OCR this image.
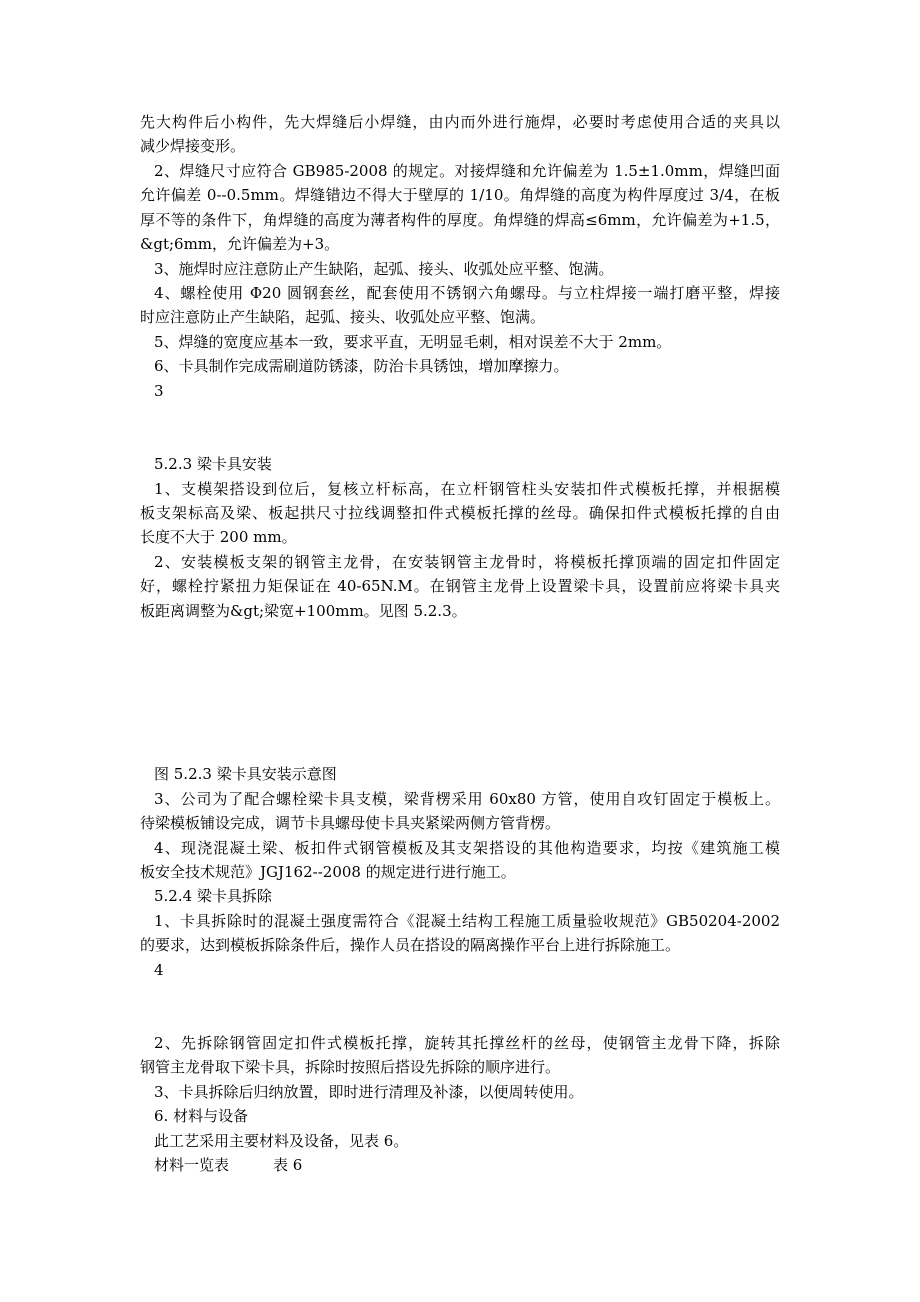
先大构件后小构件，先大焊缝后小焊缝，由内而外进行施焊，必要时考虑使用合适的夹具以
减少焊接变形。
2、焊缝尺寸应符合 GB985-2008 的规定。对接焊缝和允许偏差为 1.5±1.0mm，焊缝凹面
允许偏差 0--0.5mm。焊缝错边不得大于壁厚的 1/10。角焊缝的高度为构件厚度过 3/4，在板
厚不等的条件下，角焊缝的高度为薄者构件的厚度。角焊缝的焊高≤6mm，允许偏差为+1.5，
&gt;6mm，允许偏差为+3。
3、施焊时应注意防止产生缺陷，起弧、接头、收弧处应平整、饱满。
4、螺栓使用 Φ20 圆钢套丝，配套使用不锈钢六角螺母。与立柱焊接一端打磨平整，焊接
时应注意防止产生缺陷，起弧、接头、收弧处应平整、饱满。
5、焊缝的宽度应基本一致，要求平直，无明显毛刺，相对误差不大于 2mm。
6、卡具制作完成需刷道防锈漆，防治卡具锈蚀，增加摩擦力。
3
5.2.3 梁卡具安装
1、支模架搭设到位后，复核立杆标高，在立杆钢管柱头安装扣件式模板托撑，并根据模
板支架标高及梁、板起拱尺寸拉线调整扣件式模板托撑的丝母。确保扣件式模板托撑的自由
长度不大于 200 mm。
2、安装模板支架的钢管主龙骨，在安装钢管主龙骨时，将模板托撑顶端的固定扣件固定
好，螺栓拧紧扭力矩保证在 40-65N.M。在钢管主龙骨上设置梁卡具，设置前应将梁卡具夹
板距离调整为&gt;梁宽+100mm。见图 5.2.3。
图 5.2.3 梁卡具安装示意图
3、公司为了配合螺栓梁卡具支模，梁背楞采用 60x80 方管，使用自攻钉固定于模板上。
待梁模板铺设完成，调节卡具螺母使卡具夹紧梁两侧方管背楞。
4、现浇混凝土梁、板扣件式钢管模板及其支架搭设的其他构造要求，均按《建筑施工模
板安全技术规范》JGJ162--2008 的规定进行进行施工。
5.2.4 梁卡具拆除
1、卡具拆除时的混凝土强度需符合《混凝土结构工程施工质量验收规范》GB50204-2002
的要求，达到模板拆除条件后，操作人员在搭设的隔离操作平台上进行拆除施工。
4
2、先拆除钢管固定扣件式模板托撑，旋转其托撑丝杆的丝母，使钢管主龙骨下降，拆除
钢管主龙骨取下梁卡具，拆除时按照后搭设先拆除的顺序进行。
3、卡具拆除后归纳放置，即时进行清理及补漆，以便周转使用。
6. 材料与设备
此工艺采用主要材料及设备，见表 6。
材料一览表	表 6
